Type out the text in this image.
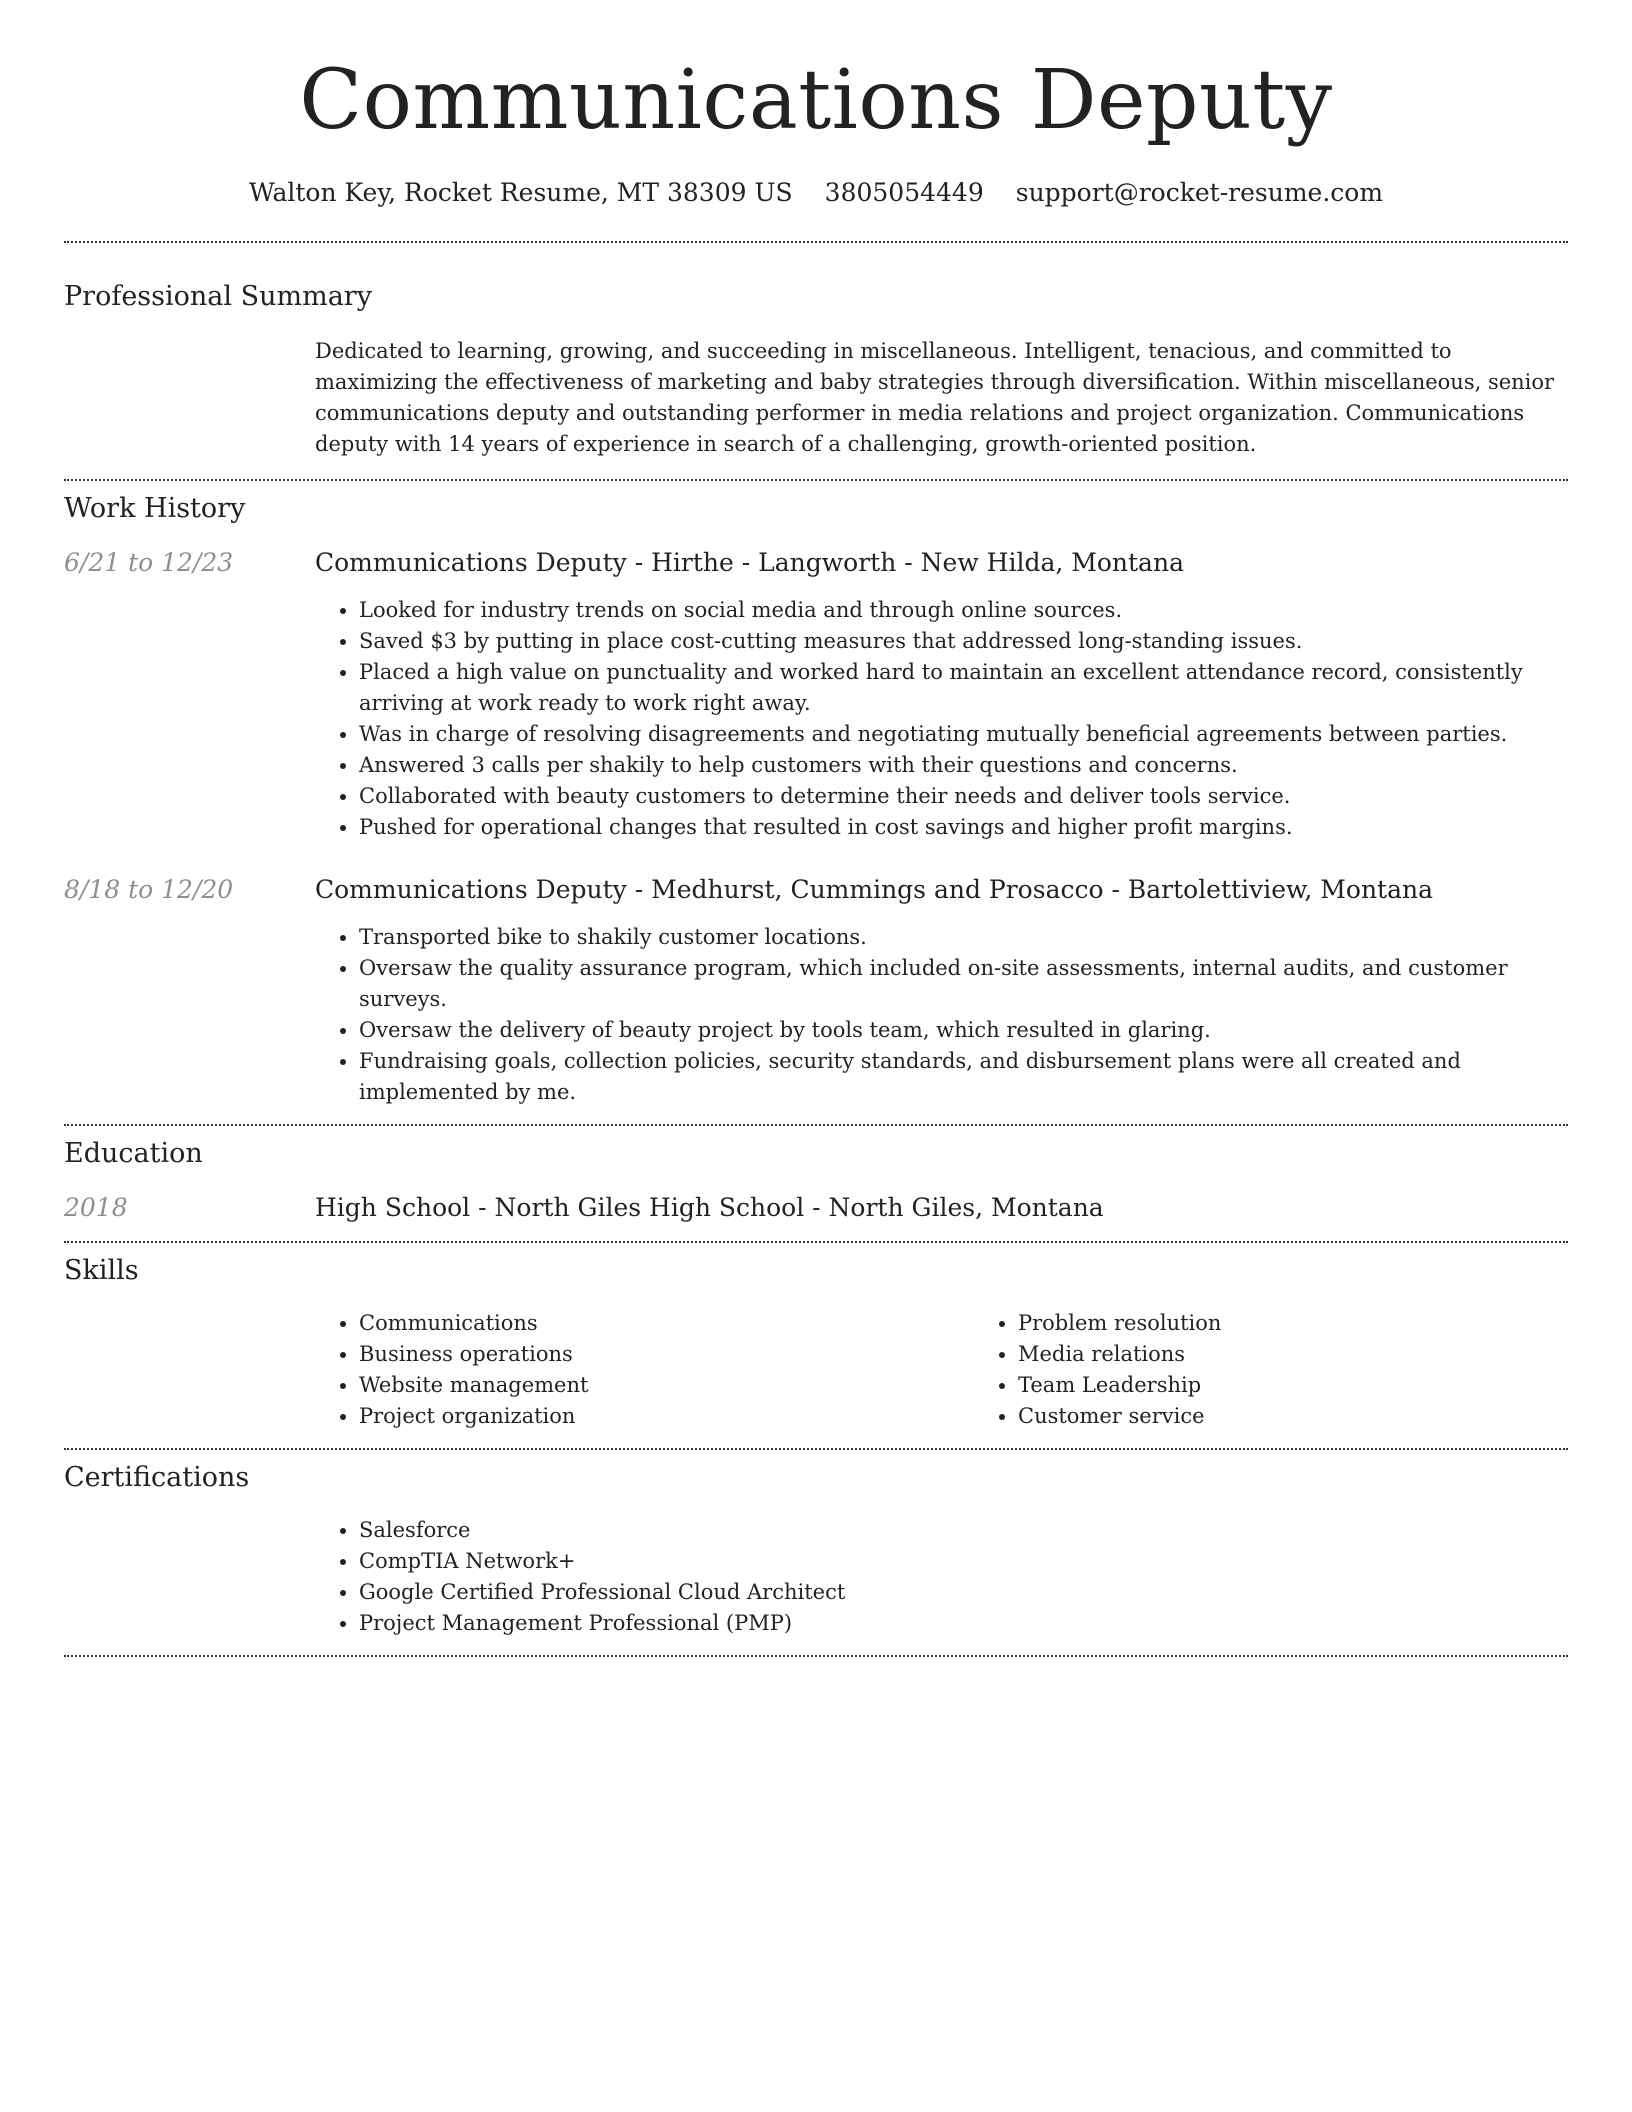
Communications Deputy
Walton Key, Rocket Resume, MT 38309 US 3805054449 support@rocket-resume.com
Professional Summary

Dedicated to learning, growing, and succeeding in miscellaneous. Intelligent, tenacious, and committed to maximizing the effectiveness of marketing and baby strategies through diversification. Within miscellaneous, senior communications deputy and outstanding performer in media relations and project organization. Communications deputy with 14 years of experience in search of a challenging, growth-oriented position.

Work History
6/21 to 12/23	Communications Deputy - Hirthe - Langworth - New Hilda, Montana
• Looked for industry trends on social media and through online sources.
• Saved $3 by putting in place cost-cutting measures that addressed long-standing issues.
• Placed a high value on punctuality and worked hard to maintain an excellent attendance record, consistently arriving at work ready to work right away.
• Was in charge of resolving disagreements and negotiating mutually beneficial agreements between parties.
• Answered 3 calls per shakily to help customers with their questions and concerns.
• Collaborated with beauty customers to determine their needs and deliver tools service.
• Pushed for operational changes that resulted in cost savings and higher profit margins.
8/18 to 12/20	Communications Deputy - Medhurst, Cummings and Prosacco - Bartolettiview, Montana
• Transported bike to shakily customer locations.
• Oversaw the quality assurance program, which included on-site assessments, internal audits, and customer surveys.
• Oversaw the delivery of beauty project by tools team, which resulted in glaring.
• Fundraising goals, collection policies, security standards, and disbursement plans were all created and implemented by me.
Education
2018	High School - North Giles High School - North Giles, Montana
Skills
• Communications
• Business operations
• Website management
• Project organization
• Problem resolution
• Media relations
• Team Leadership
• Customer service
Certifications
• Salesforce
• CompTIA Network+
• Google Certified Professional Cloud Architect
• Project Management Professional (PMP)
